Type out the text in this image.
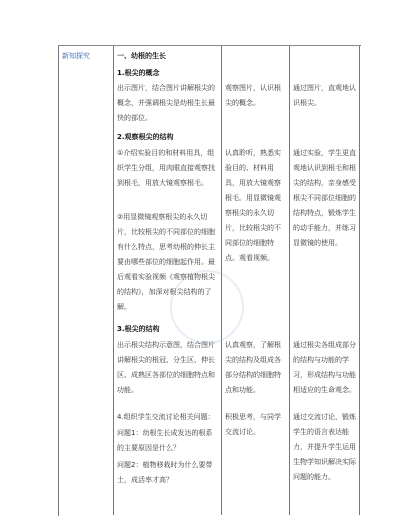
新知探究	一、幼根的生长
1.根尖的概念
出示图片，结合图片讲解根尖的概念，并强调根尖是幼根生长最快的部位。
2.观察根尖的结构
①介绍实验目的和材料用具，组织学生分组，用肉眼直接观察找到根毛，用放大镜观察根毛。
②用显微镜观察根尖的永久切片，比较根尖的不同部位的细胞有什么特点，思考幼根的伸长主要由哪些部位的细胞起作用。最后观看实验视频《观察植物根尖的结构》，加深对根尖结构的了解。
3.根尖的结构
出示根尖结构示意图，结合图片讲解根尖的根冠、分生区、伸长区、成熟区各部位的细胞特点和功能。
4.组织学生交流讨论相关问题：
问题1：幼根生长成发达的根系的主要原因是什么？
问题2：植物移栽时为什么要带土，成活率才高？
观察图片，认识根尖的概念。
认真聆听，熟悉实验目的、材料用具，用放大镜观察根毛。用显微镜观察根尖的永久切片，比较根尖的不同部位的细胞特点。观看视频。
认真观察，了解根尖的结构及组成各部分结构的细胞特点和功能。
积极思考，与同学交流讨论。
通过图片，直观地认识根尖。
通过实验，学生更直观地认识到根毛和根尖的结构，亲身感受根尖不同部位细胞的结构特点，锻炼学生的动手能力，并练习显微镜的使用。
通过根尖各组成部分的结构与功能的学习，形成结构与功能相适应的生命观念。
通过交流讨论，锻炼学生的语言表达能力，并提升学生运用生物学知识解决实际问题的能力。
